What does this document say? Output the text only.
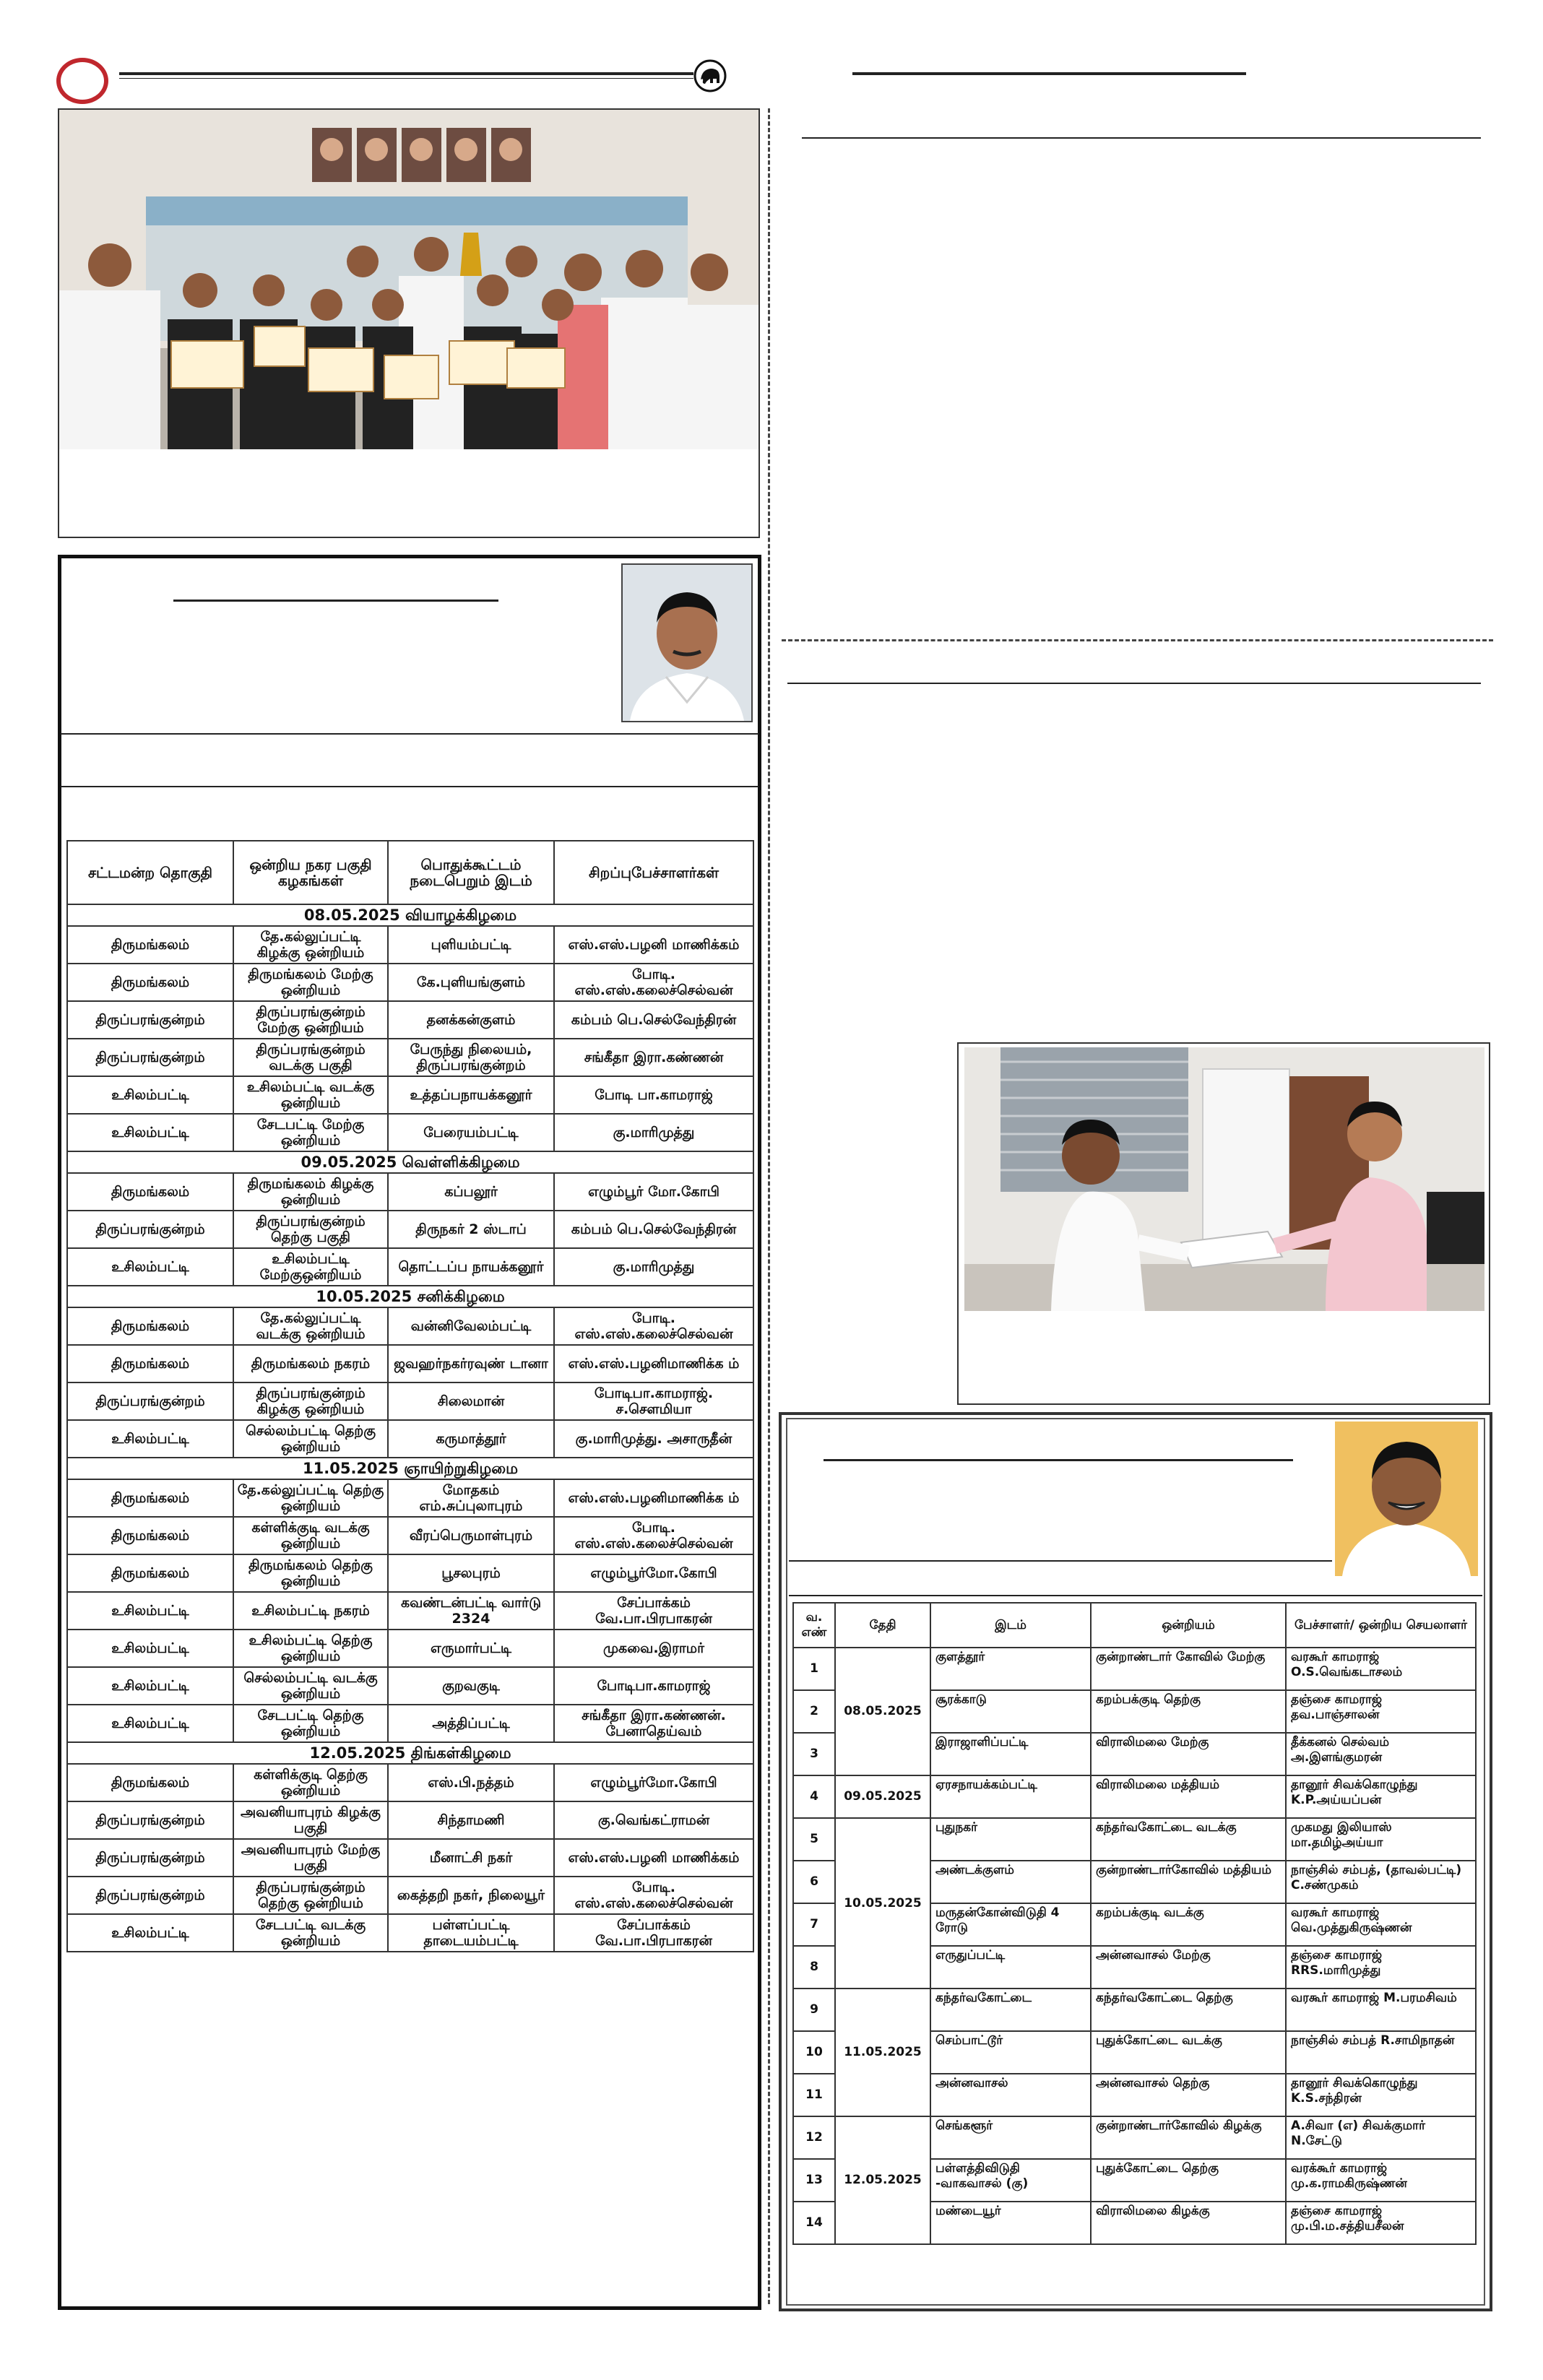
சட்டமன்ற தொகுதி	ஒன்றிய நகர பகுதி கழகங்கள்	பொதுக்கூட்டம் நடைபெறும் இடம்	சிறப்புபேச்சாளர்கள்
08.05.2025 வியாழக்கிழமை			
திருமங்கலம்	தே.கல்லுப்பட்டி கிழக்கு ஒன்றியம்	புளியம்பட்டி	எஸ்.எஸ்.பழனி மாணிக்கம்
திருமங்கலம்	திருமங்கலம் மேற்கு ஒன்றியம்	கே.புளியங்குளம்	போடி. எஸ்.எஸ்.கலைச்செல்வன்
திருப்பரங்குன்றம்	திருப்பரங்குன்றம் மேற்கு ஒன்றியம்	தனக்கன்குளம்	கம்பம் பெ.செல்வேந்திரன்
திருப்பரங்குன்றம்	திருப்பரங்குன்றம் வடக்கு பகுதி	பேருந்து நிலையம், திருப்பரங்குன்றம்	சங்கீதா இரா.கண்ணன்
உசிலம்பட்டி	உசிலம்பட்டி வடக்கு ஒன்றியம்	உத்தப்பநாயக்கனூர்	போடி பா.காமராஜ்
உசிலம்பட்டி	சேடபட்டி மேற்கு ஒன்றியம்	பேரையம்பட்டி	கு.மாரிமுத்து
09.05.2025 வெள்ளிக்கிழமை			
திருமங்கலம்	திருமங்கலம் கிழக்கு ஒன்றியம்	கப்பலூர்	எழும்பூர் மோ.கோபி
திருப்பரங்குன்றம்	திருப்பரங்குன்றம் தெற்கு பகுதி	திருநகர் 2 ஸ்டாப்	கம்பம் பெ.செல்வேந்திரன்
உசிலம்பட்டி	உசிலம்பட்டி மேற்குஒன்றியம்	தொட்டப்ப நாயக்கனூர்	கு.மாரிமுத்து
10.05.2025 சனிக்கிழமை			
திருமங்கலம்	தே.கல்லுப்பட்டி வடக்கு ஒன்றியம்	வன்னிவேலம்பட்டி	போடி. எஸ்.எஸ்.கலைச்செல்வன்
திருமங்கலம்	திருமங்கலம் நகரம்	ஜவஹர்நகர்ரவுண் டானா	எஸ்.எஸ்.பழனிமாணிக்க ம்
திருப்பரங்குன்றம்	திருப்பரங்குன்றம் கிழக்கு ஒன்றியம்	சிலைமான்	போடிபா.காமராஜ். ச.சௌமியா
உசிலம்பட்டி	செல்லம்பட்டி தெற்கு ஒன்றியம்	கருமாத்தூர்	கு.மாரிமுத்து. அசாருதீன்
11.05.2025 ஞாயிற்றுகிழமை			
திருமங்கலம்	தே.கல்லுப்பட்டி தெற்கு ஒன்றியம்	மோதகம் எம்.சுப்புலாபுரம்	எஸ்.எஸ்.பழனிமாணிக்க ம்
திருமங்கலம்	கள்ளிக்குடி வடக்கு ஒன்றியம்	வீரப்பெருமாள்புரம்	போடி. எஸ்.எஸ்.கலைச்செல்வன்
திருமங்கலம்	திருமங்கலம் தெற்கு ஒன்றியம்	பூசலபுரம்	எழும்பூர்மோ.கோபி
உசிலம்பட்டி	உசிலம்பட்டி நகரம்	கவண்டன்பட்டி வார்டு 2324	சேப்பாக்கம் வே.பா.பிரபாகரன்
உசிலம்பட்டி	உசிலம்பட்டி தெற்கு ஒன்றியம்	எருமார்பட்டி	முகவை.இராமர்
உசிலம்பட்டி	செல்லம்பட்டி வடக்கு ஒன்றியம்	குறவகுடி	போடிபா.காமராஜ்
உசிலம்பட்டி	சேடபட்டி தெற்கு ஒன்றியம்	அத்திப்பட்டி	சங்கீதா இரா.கண்ணன். பேனாதெய்வம்
12.05.2025 திங்கள்கிழமை			
திருமங்கலம்	கள்ளிக்குடி தெற்கு ஒன்றியம்	எஸ்.பி.நத்தம்	எழும்பூர்மோ.கோபி
திருப்பரங்குன்றம்	அவனியாபுரம் கிழக்கு பகுதி	சிந்தாமணி	கு.வெங்கட்ராமன்
திருப்பரங்குன்றம்	அவனியாபுரம் மேற்கு பகுதி	மீனாட்சி நகர்	எஸ்.எஸ்.பழனி மாணிக்கம்
திருப்பரங்குன்றம்	திருப்பரங்குன்றம் தெற்கு ஒன்றியம்	கைத்தறி நகர், நிலையூர்	போடி. எஸ்.எஸ்.கலைச்செல்வன்
உசிலம்பட்டி	சேடபட்டி வடக்கு ஒன்றியம்	பள்ளப்பட்டி தாடையம்பட்டி	சேப்பாக்கம் வே.பா.பிரபாகரன்
வ. எண்	தேதி	இடம்	ஒன்றியம்	பேச்சாளர்/ ஒன்றிய செயலாளர்
1	08.05.2025	குளத்தூர்	குன்றாண்டார் கோவில் மேற்கு	வரகூர் காமராஜ் O.S.வெங்கடாசலம்
2		சூரக்காடு	கறம்பக்குடி தெற்கு	தஞ்சை காமராஜ் தவ.பாஞ்சாலன்
3		இராஜாளிப்பட்டி	விராலிமலை மேற்கு	தீக்கனல் செல்வம் அ.இளங்குமரன்
4	09.05.2025	ஏரசநாயக்கம்பட்டி	விராலிமலை மத்தியம்	தானூர் சிவக்கொழுந்து K.P.அய்யப்பன்
5	10.05.2025	புதுநகர்	கந்தர்வகோட்டை வடக்கு	முகமது இலியாஸ் மா.தமிழ்அய்யா
6		அண்டக்குளம்	குன்றாண்டார்கோவில் மத்தியம்	நாஞ்சில் சம்பத், (தாவல்பட்டி) C.சண்முகம்
7		மருதன்கோன்விடுதி 4 ரோடு	கறம்பக்குடி வடக்கு	வரகூர் காமராஜ் வெ.முத்துகிருஷ்ணன்
8		எருதுப்பட்டி	அன்னவாசல் மேற்கு	தஞ்சை காமராஜ் RRS.மாரிமுத்து
9	11.05.2025	கந்தர்வகோட்டை	கந்தர்வகோட்டை தெற்கு	வரகூர் காமராஜ் M.பரமசிவம்
10		செம்பாட்டூர்	புதுக்கோட்டை வடக்கு	நாஞ்சில் சம்பத் R.சாமிநாதன்
11		அன்னவாசல்	அன்னவாசல் தெற்கு	தானூர் சிவக்கொழுந்து K.S.சந்திரன்
12	12.05.2025	செங்களூர்	குன்றாண்டார்கோவில் கிழக்கு	A.சிவா (எ) சிவக்குமார் N.சேட்டு
13		பள்ளத்திவிடுதி -வாகவாசல் (கு)	புதுக்கோட்டை தெற்கு	வரக்கூர் காமராஜ் மு.க.ராமகிருஷ்ணன்
14		மண்டையூர்	விராலிமலை கிழக்கு	தஞ்சை காமராஜ் மு.பி.ம.சத்தியசீலன்
